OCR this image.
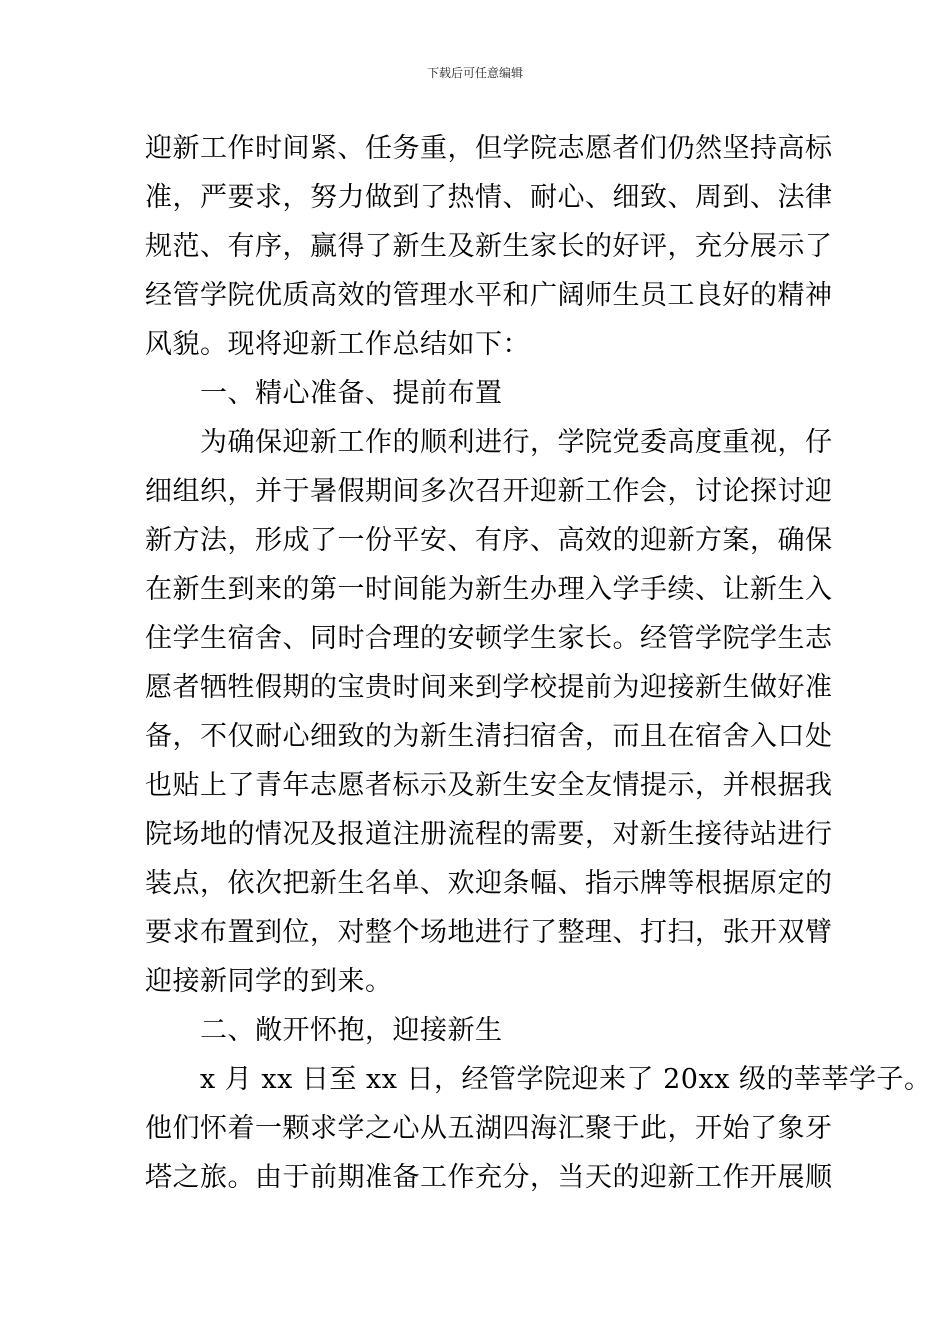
下载后可任意编辑
迎新工作时间紧、任务重，但学院志愿者们仍然坚持高标
准，严要求，努力做到了热情、耐心、细致、周到、法律
规范、有序，赢得了新生及新生家长的好评，充分展示了
经管学院优质高效的管理水平和广阔师生员工良好的精神
风貌。现将迎新工作总结如下：
一、精心准备、提前布置
为确保迎新工作的顺利进行，学院党委高度重视，仔
细组织，并于暑假期间多次召开迎新工作会，讨论探讨迎
新方法，形成了一份平安、有序、高效的迎新方案，确保
在新生到来的第一时间能为新生办理入学手续、让新生入
住学生宿舍、同时合理的安顿学生家长。经管学院学生志
愿者牺牲假期的宝贵时间来到学校提前为迎接新生做好准
备，不仅耐心细致的为新生清扫宿舍，而且在宿舍入口处
也贴上了青年志愿者标示及新生安全友情提示，并根据我
院场地的情况及报道注册流程的需要，对新生接待站进行
装点，依次把新生名单、欢迎条幅、指示牌等根据原定的
要求布置到位，对整个场地进行了整理、打扫，张开双臂
迎接新同学的到来。
二、敞开怀抱，迎接新生
x 月 xx 日至 xx 日，经管学院迎来了 20xx 级的莘莘学子。
他们怀着一颗求学之心从五湖四海汇聚于此，开始了象牙
塔之旅。由于前期准备工作充分，当天的迎新工作开展顺
